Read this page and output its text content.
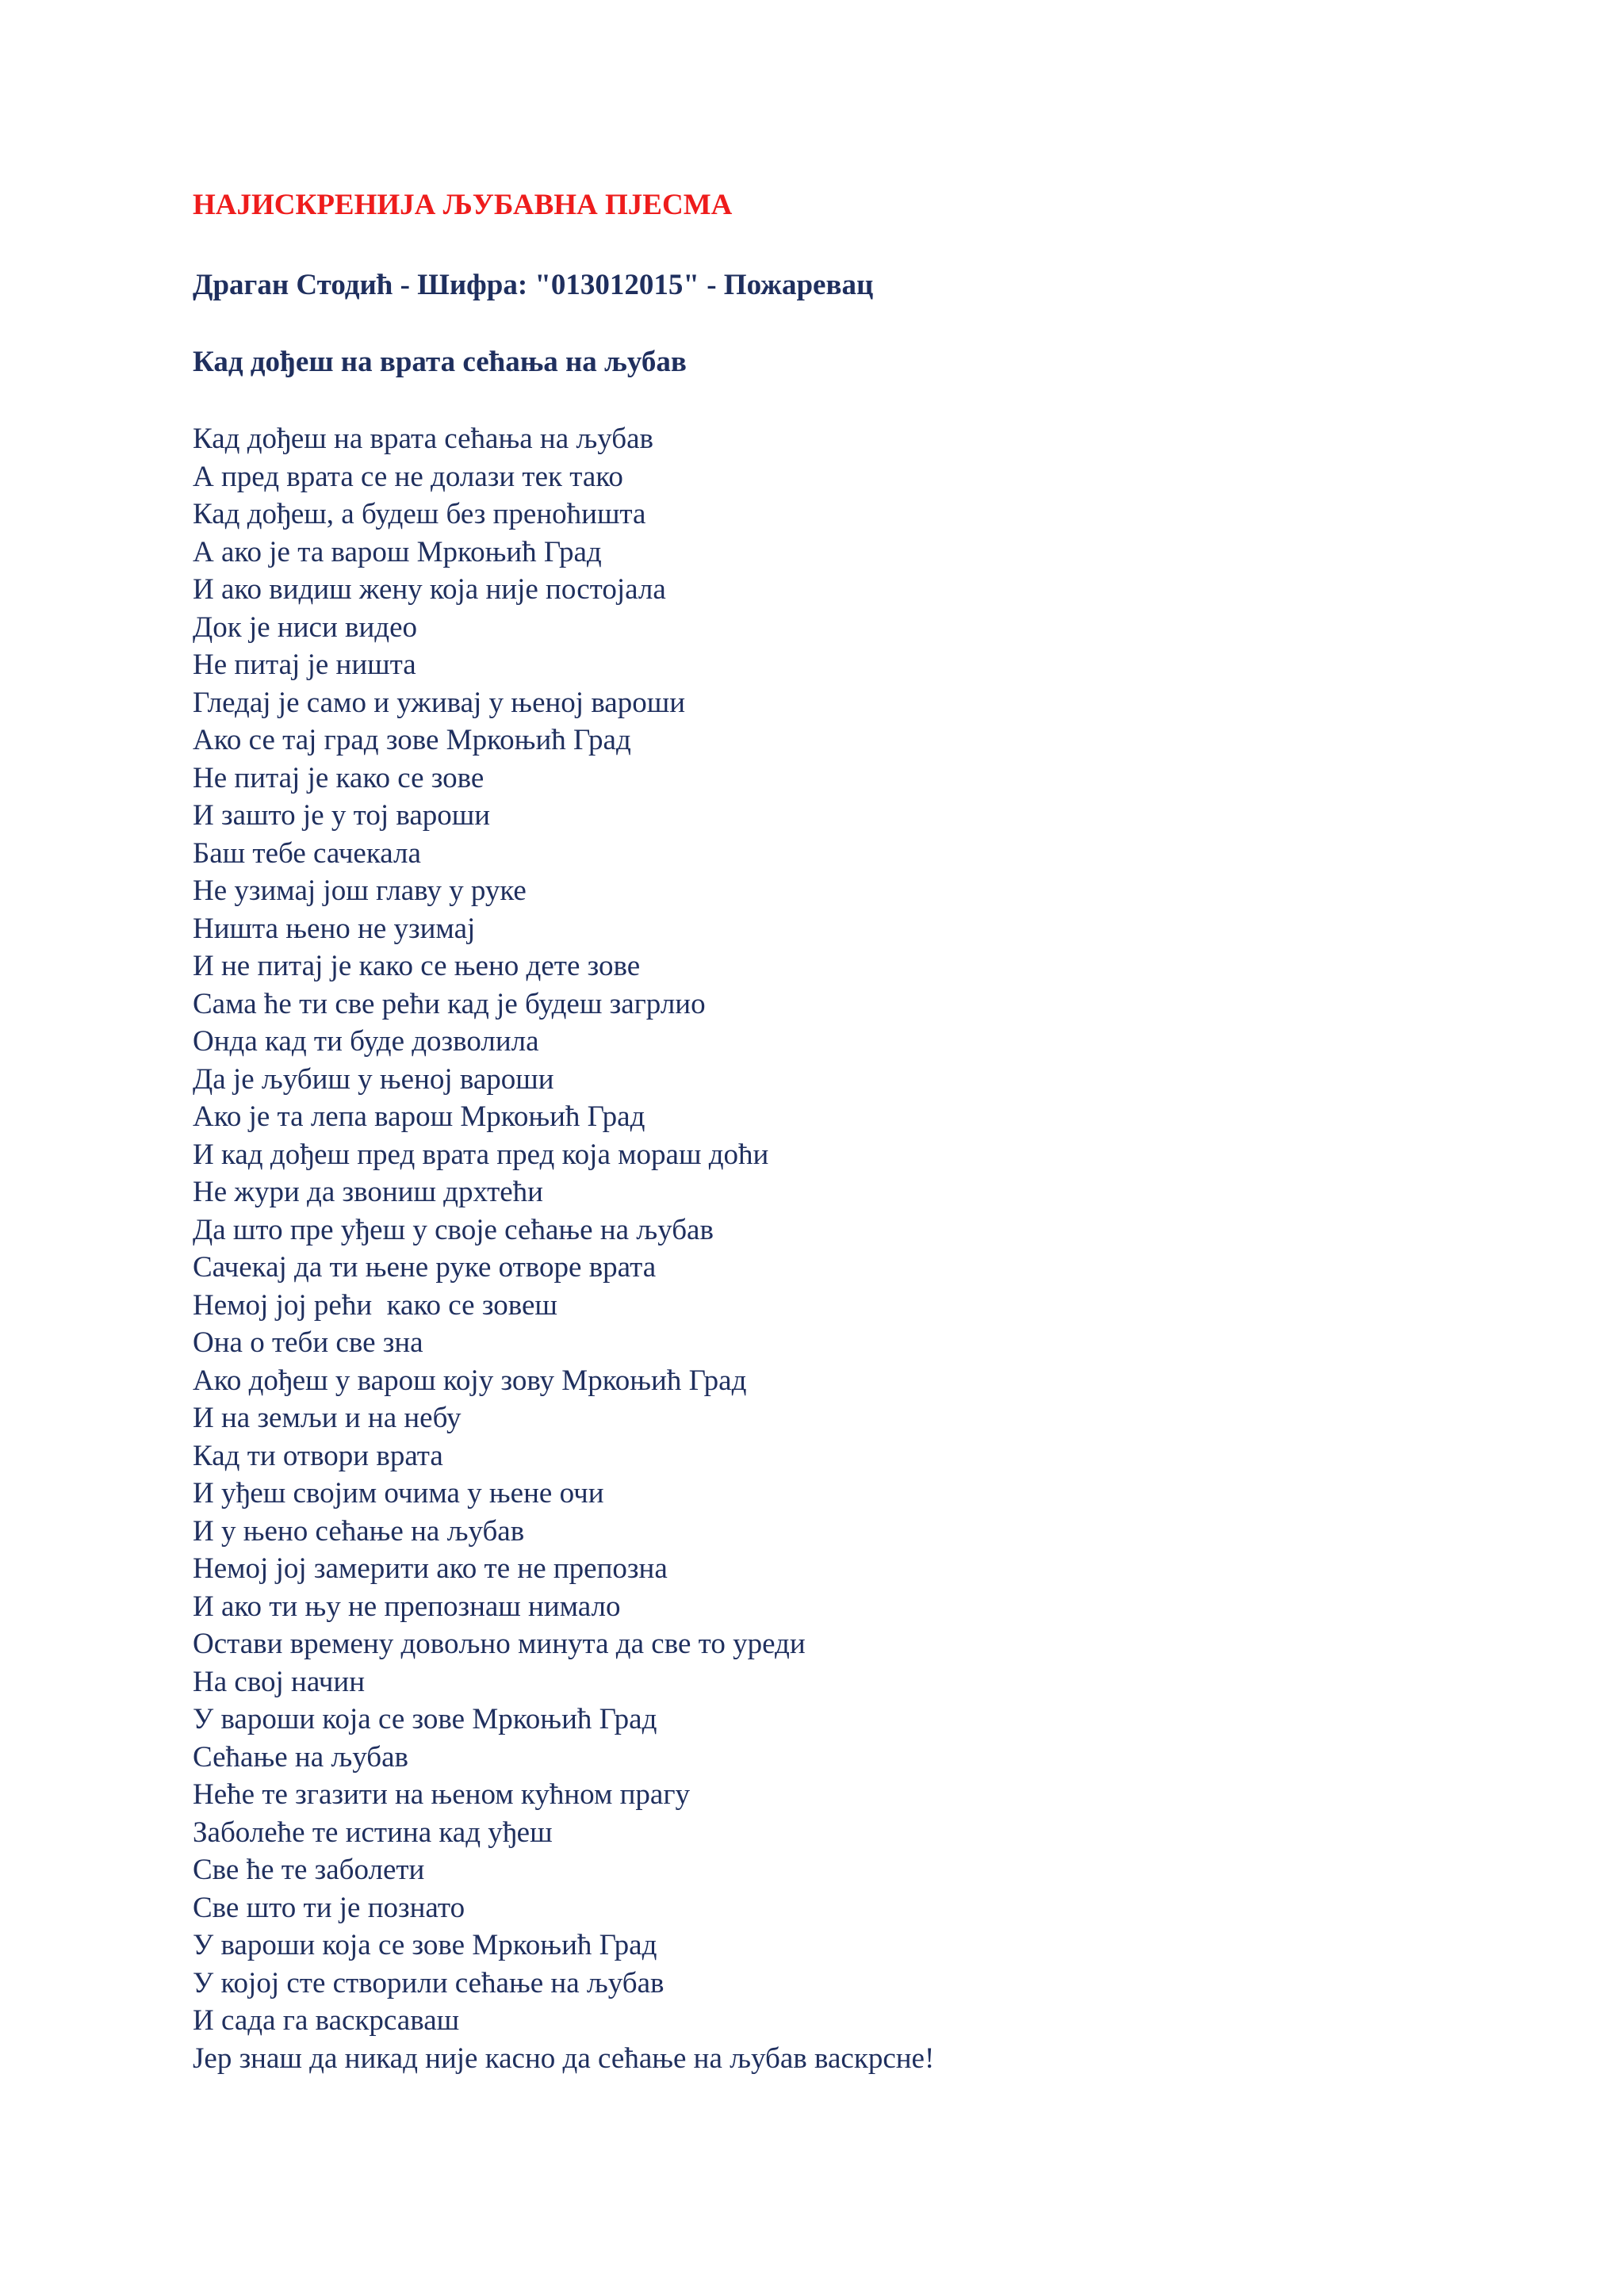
НАЈИСКРЕНИЈА ЉУБАВНА ПЈЕСМА
Драган Стодић - Шифра: "013012015" - Пожаревац
Кад дођеш на врата сећања на љубав
Кад дођеш на врата сећања на љубав
А пред врата се не долази тек тако
Кад дођеш, а будеш без преноћишта
А ако је та варош Мркоњић Град
И ако видиш жену која није постојала
Док је ниси видео
Не питај је ништа
Гледај је само и уживај у њеној вароши
Ако се тај град зове Мркоњић Град
Не питај је како се зове
И зашто је у тој вароши
Баш тебе сачекала
Не узимај још главу у руке
Ништа њено не узимај
И не питај је како се њено дете зове
Сама ће ти све рећи кад је будеш загрлио
Онда кад ти буде дозволила
Да је љубиш у њеној вароши
Ако је та лепа варош Мркоњић Град
И кад дођеш пред врата пред која мораш доћи
Не жури да звониш дрхтећи
Да што пре уђеш у своје сећање на љубав
Сачекај да ти њене руке отворе врата
Немој јој рећи  како се зовеш
Она о теби све зна
Ако дођеш у варош коју зову Мркоњић Град
И на земљи и на небу
Кад ти отвори врата
И уђеш својим очима у њене очи
И у њено сећање на љубав
Немој јој замерити ако те не препозна
И ако ти њу не препознаш нимало
Остави времену довољно минута да све то уреди
На свој начин
У вароши која се зове Мркоњић Град
Сећање на љубав
Неће те згазити на њеном кућном прагу
Заболеће те истина кад уђеш
Све ће те заболети
Све што ти је познато
У вароши која се зове Мркоњић Град
У којој сте створили сећање на љубав
И сада га васкрсаваш
Јер знаш да никад није касно да сећање на љубав васкрсне!
